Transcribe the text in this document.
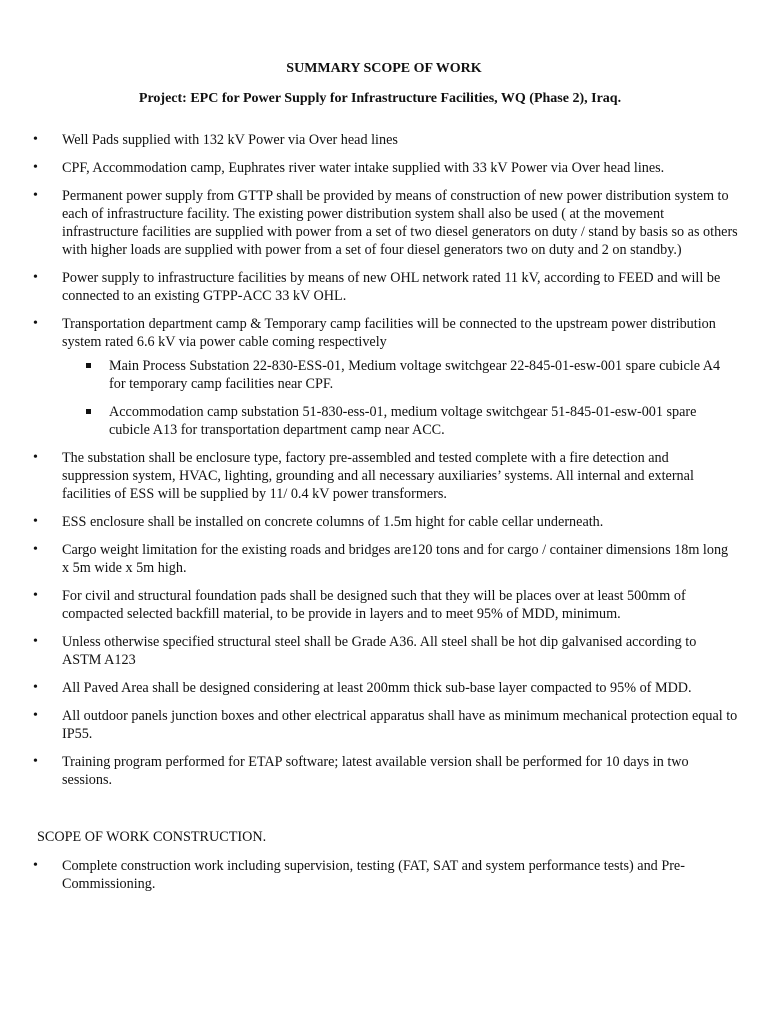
SUMMARY SCOPE OF WORK
Project: EPC for Power Supply for Infrastructure Facilities, WQ (Phase 2), Iraq.
• Well Pads supplied with 132 kV Power via Over head lines
• CPF, Accommodation camp, Euphrates river water intake supplied with 33 kV Power via Over head lines.
• Permanent power supply from GTTP shall be provided by means of construction of new power distribution system to each of infrastructure facility. The existing power distribution system shall also be used ( at the movement infrastructure facilities are supplied with power from a set of two diesel generators on duty / stand by basis so as others with higher loads are supplied with power from a set of four diesel generators two on duty and 2 on standby.)
• Power supply to infrastructure facilities by means of new OHL network rated 11 kV, according to FEED and will be connected to an existing GTPP-ACC 33 kV OHL.
• Transportation department camp & Temporary camp facilities will be connected to the upstream power distribution system rated 6.6 kV via power cable coming respectively
Main Process Substation 22-830-ESS-01, Medium voltage switchgear 22-845-01-esw-001 spare cubicle A4 for temporary camp facilities near CPF.
Accommodation camp substation 51-830-ess-01, medium voltage switchgear 51-845-01-esw-001 spare cubicle A13 for transportation department camp near ACC.
• The substation shall be enclosure type, factory pre-assembled and tested complete with a fire detection and suppression system, HVAC, lighting, grounding and all necessary auxiliaries’ systems. All internal and external facilities of ESS will be supplied by 11/ 0.4 kV power transformers.
• ESS enclosure shall be installed on concrete columns of 1.5m hight for cable cellar underneath.
• Cargo weight limitation for the existing roads and bridges are120 tons and for cargo / container dimensions 18m long x 5m wide x 5m high.
• For civil and structural foundation pads shall be designed such that they will be places over at least 500mm of compacted selected backfill material, to be provide in layers and to meet 95% of MDD, minimum.
• Unless otherwise specified structural steel shall be Grade A36. All steel shall be hot dip galvanised according to ASTM A123
• All Paved Area shall be designed considering at least 200mm thick sub-base layer compacted to 95% of MDD.
• All outdoor panels junction boxes and other electrical apparatus shall have as minimum mechanical protection equal to IP55.
• Training program performed for ETAP software; latest available version shall be performed for 10 days in two sessions.
SCOPE OF WORK CONSTRUCTION.
• Complete construction work including supervision, testing (FAT, SAT and system performance tests) and Pre-Commissioning.
